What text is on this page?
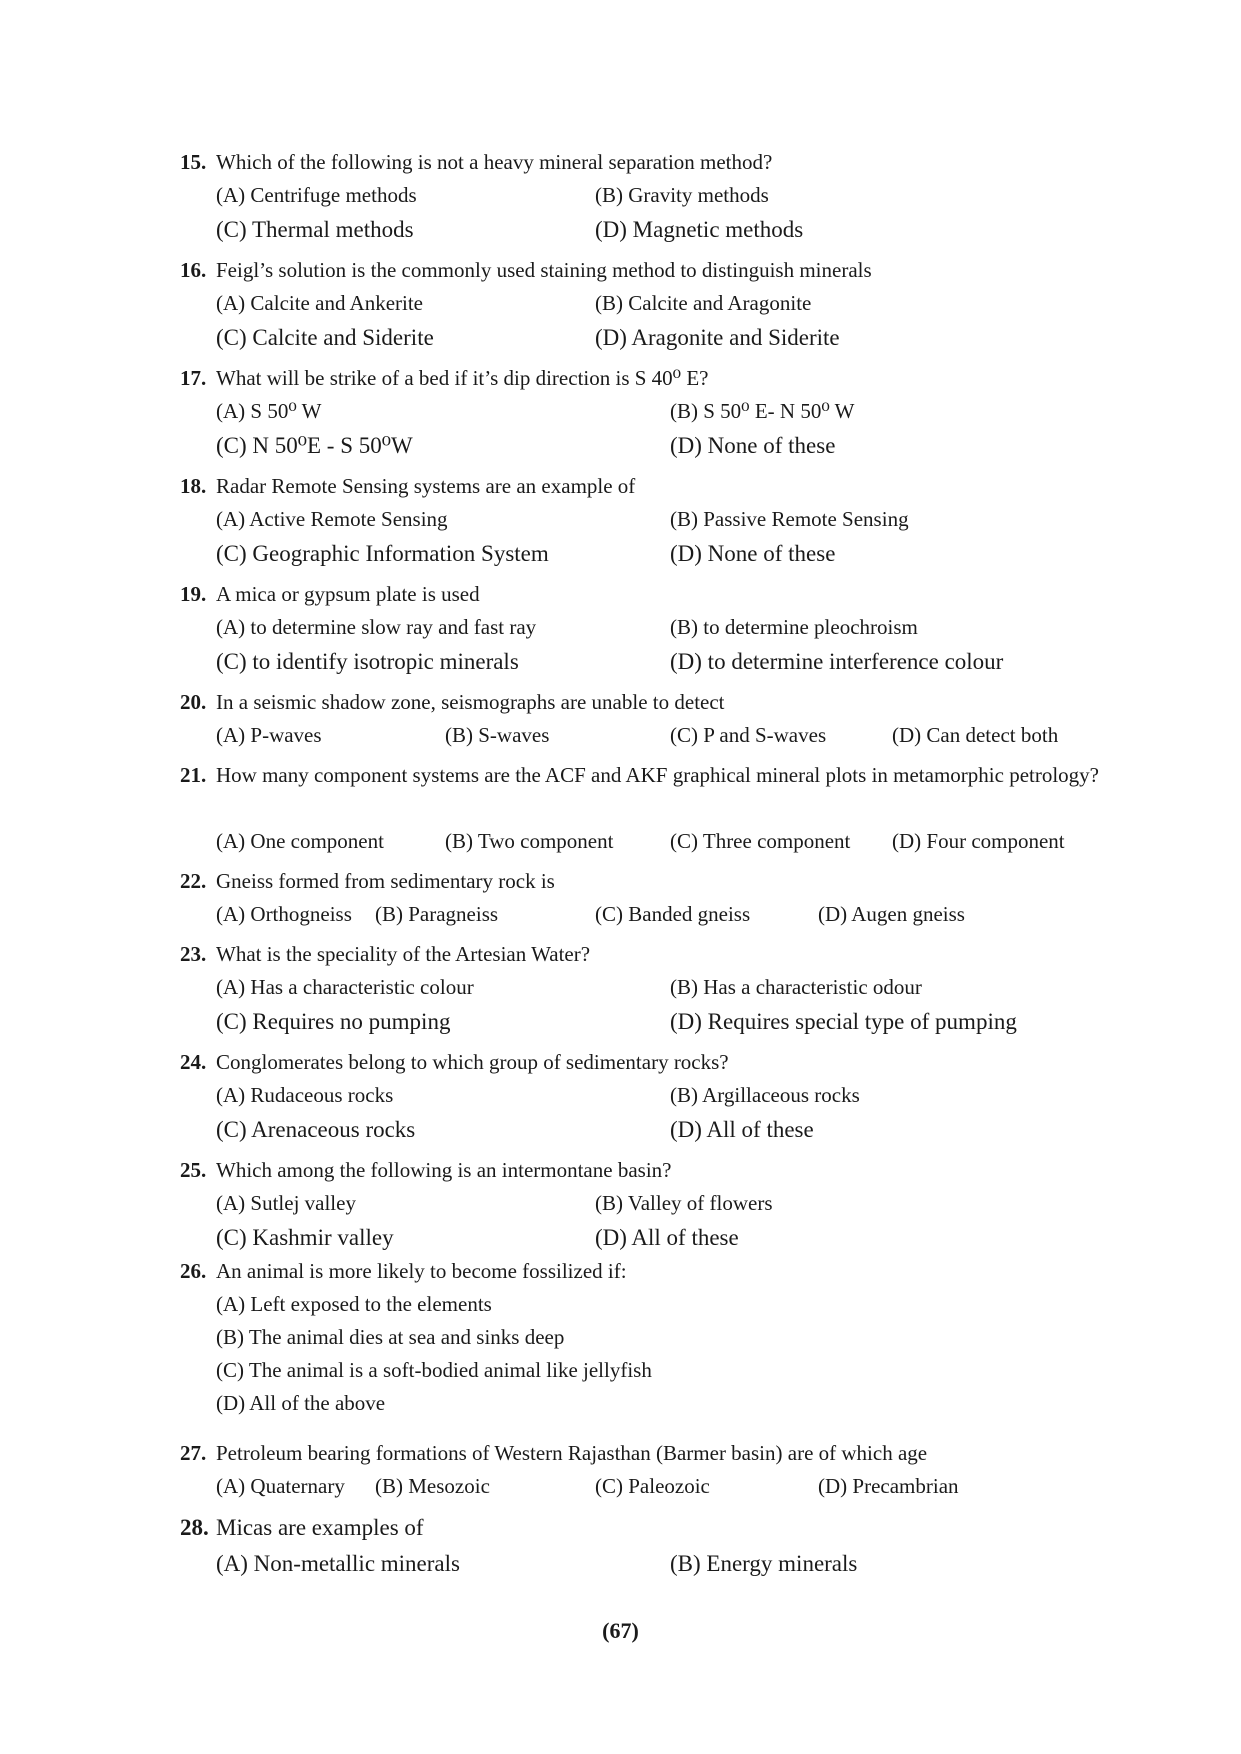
15. Which of the following is not a heavy mineral separation method?
(A) Centrifuge methods	(B) Gravity methods
(C) Thermal methods	(D) Magnetic methods
16. Feigl’s solution is the commonly used staining method to distinguish minerals
(A) Calcite and Ankerite	(B) Calcite and Aragonite
(C) Calcite and Siderite	(D) Aragonite and Siderite
17. What will be strike of a bed if it’s dip direction is S 40⁰ E?
(A) S 50⁰ W	(B) S 50⁰ E- N 50⁰ W
(C) N 50⁰E - S 50⁰W	(D) None of these
18. Radar Remote Sensing systems are an example of
(A) Active Remote Sensing	(B) Passive Remote Sensing
(C) Geographic Information System	(D) None of these
19. A mica or gypsum plate is used
(A) to determine slow ray and fast ray	(B) to determine pleochroism
(C) to identify isotropic minerals	(D) to determine interference colour
20. In a seismic shadow zone, seismographs are unable to detect
(A) P-waves	(B) S-waves	(C) P and S-waves	(D) Can detect both
21. How many component systems are the ACF and AKF graphical mineral plots in metamorphic petrology?
(A) One component	(B) Two component	(C) Three component (D) Four component
22. Gneiss formed from sedimentary rock is
(A) Orthogneiss (B) Paragneiss	(C) Banded gneiss	(D) Augen gneiss
23. What is the speciality of the Artesian Water?
(A) Has a characteristic colour	(B) Has a characteristic odour
(C) Requires no pumping	(D) Requires special type of pumping
24. Conglomerates belong to which group of sedimentary rocks?
(A) Rudaceous rocks	(B) Argillaceous rocks
(C) Arenaceous rocks	(D) All of these
25. Which among the following is an intermontane basin?
(A) Sutlej valley	(B) Valley of flowers
(C) Kashmir valley	(D) All of these
26. An animal is more likely to become fossilized if:
(A) Left exposed to the elements
(B) The animal dies at sea and sinks deep
(C) The animal is a soft-bodied animal like jellyfish
(D) All of the above
27. Petroleum bearing formations of Western Rajasthan (Barmer basin) are of which age
(A) Quaternary (B) Mesozoic	(C) Paleozoic	(D) Precambrian
28. Micas are examples of
(A) Non-metallic minerals	(B) Energy minerals
(67)
